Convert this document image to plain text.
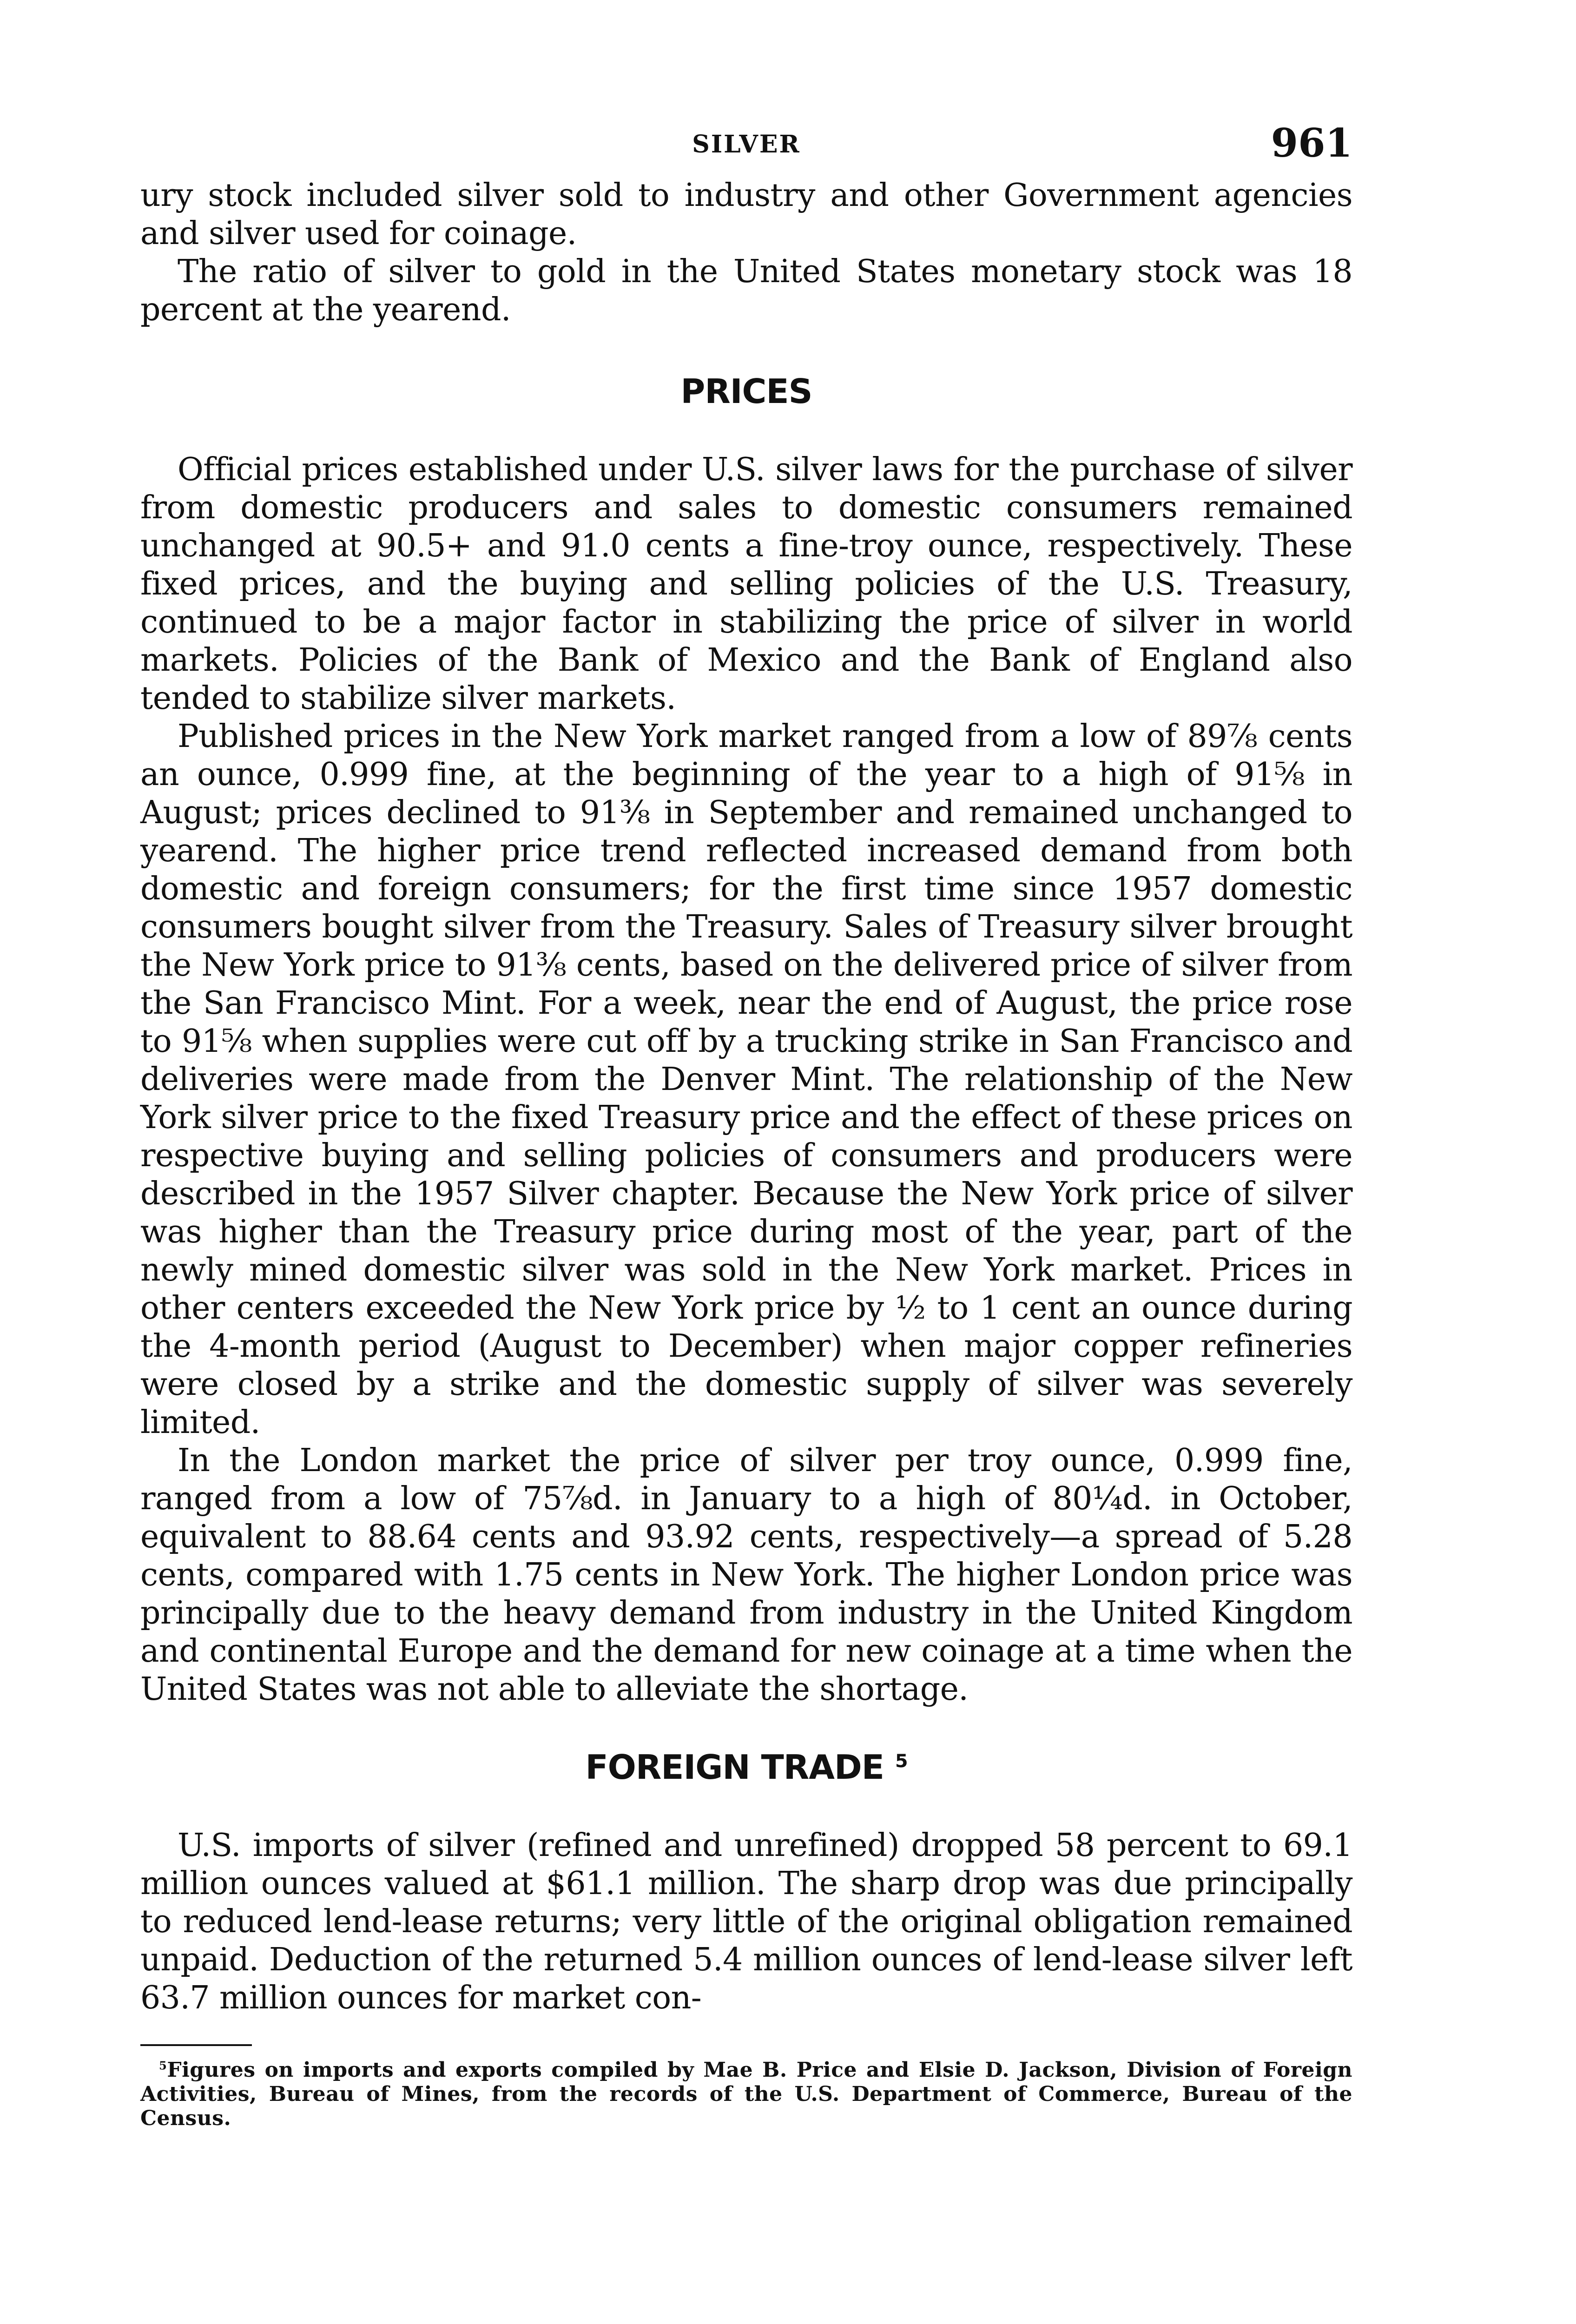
SILVER	961

ury stock included silver sold to industry and other Government agencies and silver used for coinage.

The ratio of silver to gold in the United States monetary stock was 18 percent at the yearend.

PRICES

Official prices established under U.S. silver laws for the purchase of silver from domestic producers and sales to domestic consumers remained unchanged at 90.5+ and 91.0 cents a fine-troy ounce, respectively. These fixed prices, and the buying and selling policies of the U.S. Treasury, continued to be a major factor in stabilizing the price of silver in world markets. Policies of the Bank of Mexico and the Bank of England also tended to stabilize silver markets.

Published prices in the New York market ranged from a low of 89⅞ cents an ounce, 0.999 fine, at the beginning of the year to a high of 91⅝ in August; prices declined to 91⅜ in September and remained unchanged to yearend. The higher price trend reflected increased demand from both domestic and foreign consumers; for the first time since 1957 domestic consumers bought silver from the Treasury. Sales of Treasury silver brought the New York price to 91⅜ cents, based on the delivered price of silver from the San Francisco Mint. For a week, near the end of August, the price rose to 91⅝ when supplies were cut off by a trucking strike in San Francisco and deliveries were made from the Denver Mint. The relationship of the New York silver price to the fixed Treasury price and the effect of these prices on respective buying and selling policies of consumers and producers were described in the 1957 Silver chapter. Because the New York price of silver was higher than the Treasury price during most of the year, part of the newly mined domestic silver was sold in the New York market. Prices in other centers exceeded the New York price by ½ to 1 cent an ounce during the 4-month period (August to December) when major copper refineries were closed by a strike and the domestic supply of silver was severely limited.

In the London market the price of silver per troy ounce, 0.999 fine, ranged from a low of 75⅞d. in January to a high of 80¼d. in October, equivalent to 88.64 cents and 93.92 cents, respectively—a spread of 5.28 cents, compared with 1.75 cents in New York. The higher London price was principally due to the heavy demand from industry in the United Kingdom and continental Europe and the demand for new coinage at a time when the United States was not able to alleviate the shortage.

FOREIGN TRADE $^5$

U.S. imports of silver (refined and unrefined) dropped 58 percent to 69.1 million ounces valued at $61.1 million. The sharp drop was due principally to reduced lend-lease returns; very little of the original obligation remained unpaid. Deduction of the returned 5.4 million ounces of lend-lease silver left 63.7 million ounces for market con-

$^5$Figures on imports and exports compiled by Mae B. Price and Elsie D. Jackson, Division of Foreign Activities, Bureau of Mines, from the records of the U.S. Department of Commerce, Bureau of the Census.
